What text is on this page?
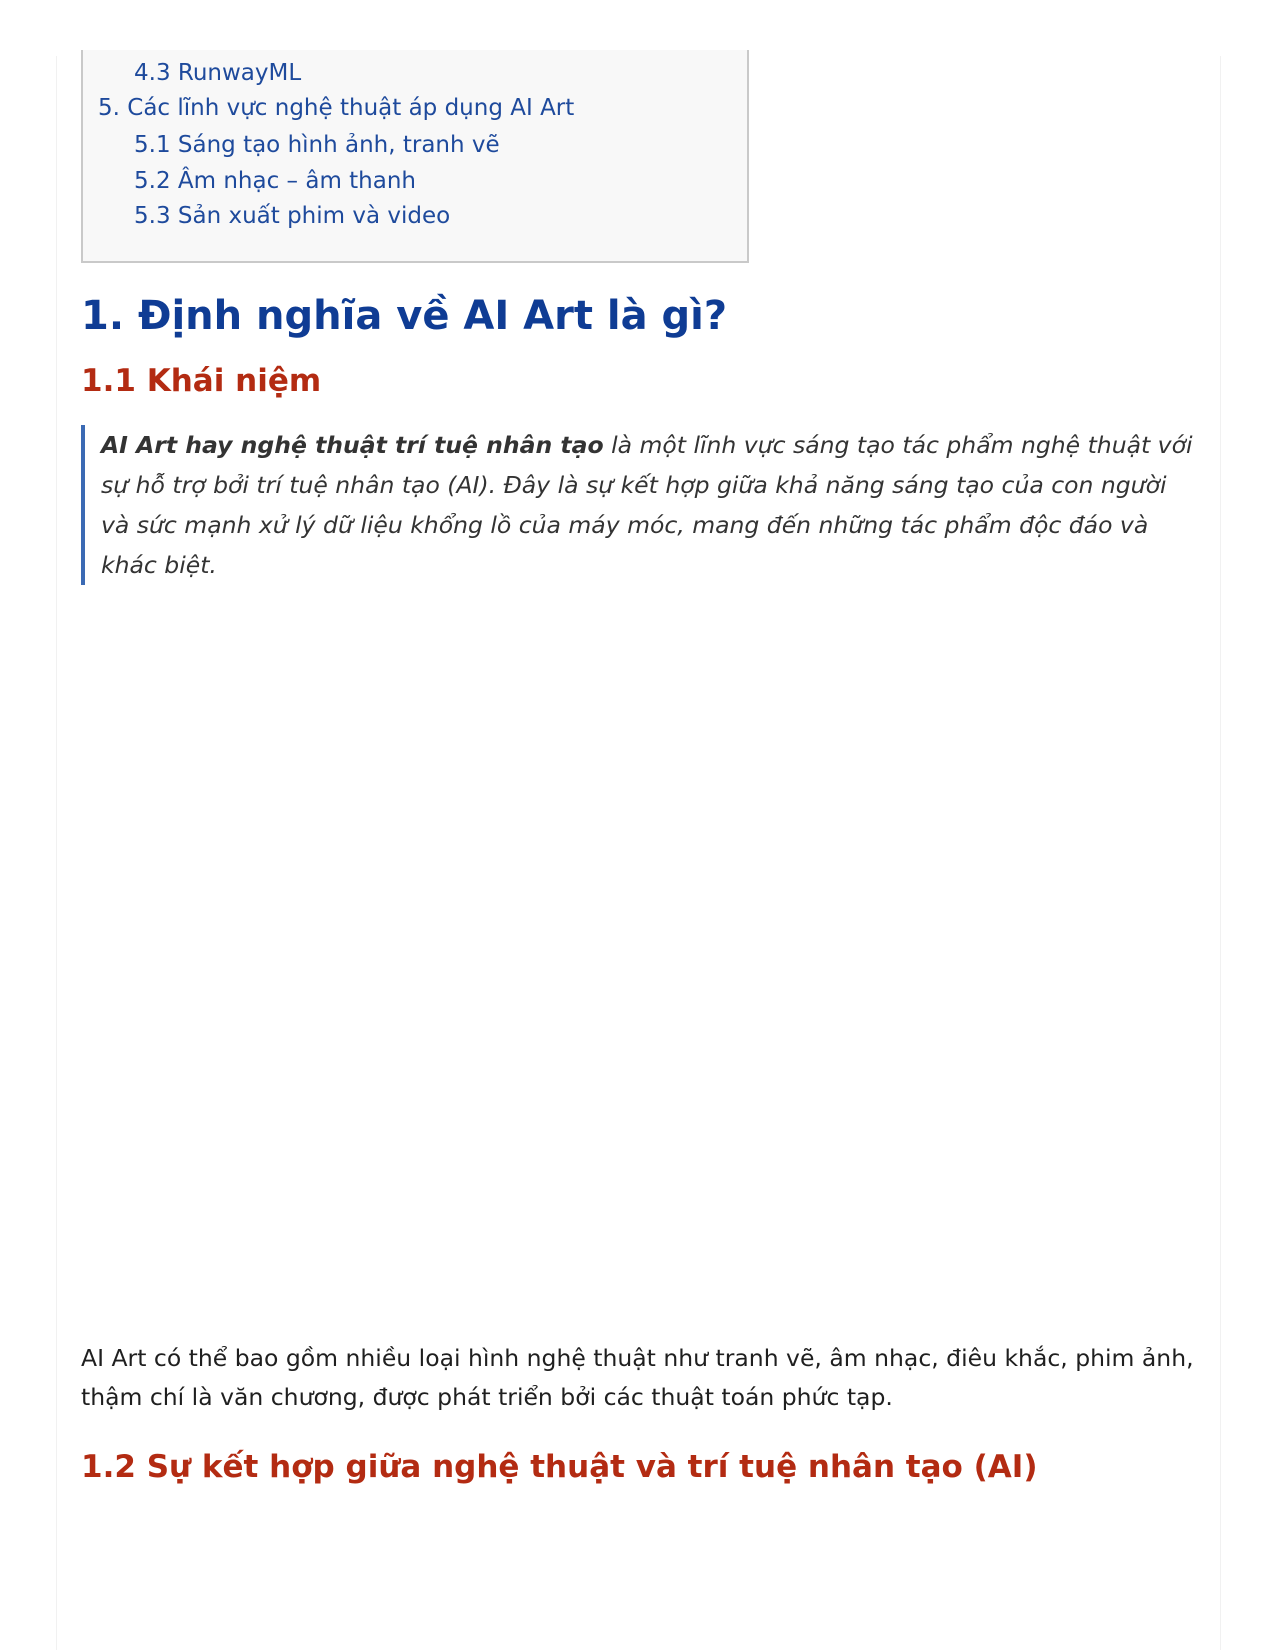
4.3 RunwayML
5. Các lĩnh vực nghệ thuật áp dụng AI Art
5.1 Sáng tạo hình ảnh, tranh vẽ
5.2 Âm nhạc – âm thanh
5.3 Sản xuất phim và video
1. Định nghĩa về AI Art là gì?
1.1 Khái niệm
AI Art hay nghệ thuật trí tuệ nhân tạo là một lĩnh vực sáng tạo tác phẩm nghệ thuật với sự hỗ trợ bởi trí tuệ nhân tạo (AI). Đây là sự kết hợp giữa khả năng sáng tạo của con người và sức mạnh xử lý dữ liệu khổng lồ của máy móc, mang đến những tác phẩm độc đáo và khác biệt.

AI Art có thể bao gồm nhiều loại hình nghệ thuật như tranh vẽ, âm nhạc, điêu khắc, phim ảnh, thậm chí là văn chương, được phát triển bởi các thuật toán phức tạp.

1.2 Sự kết hợp giữa nghệ thuật và trí tuệ nhân tạo (AI)
